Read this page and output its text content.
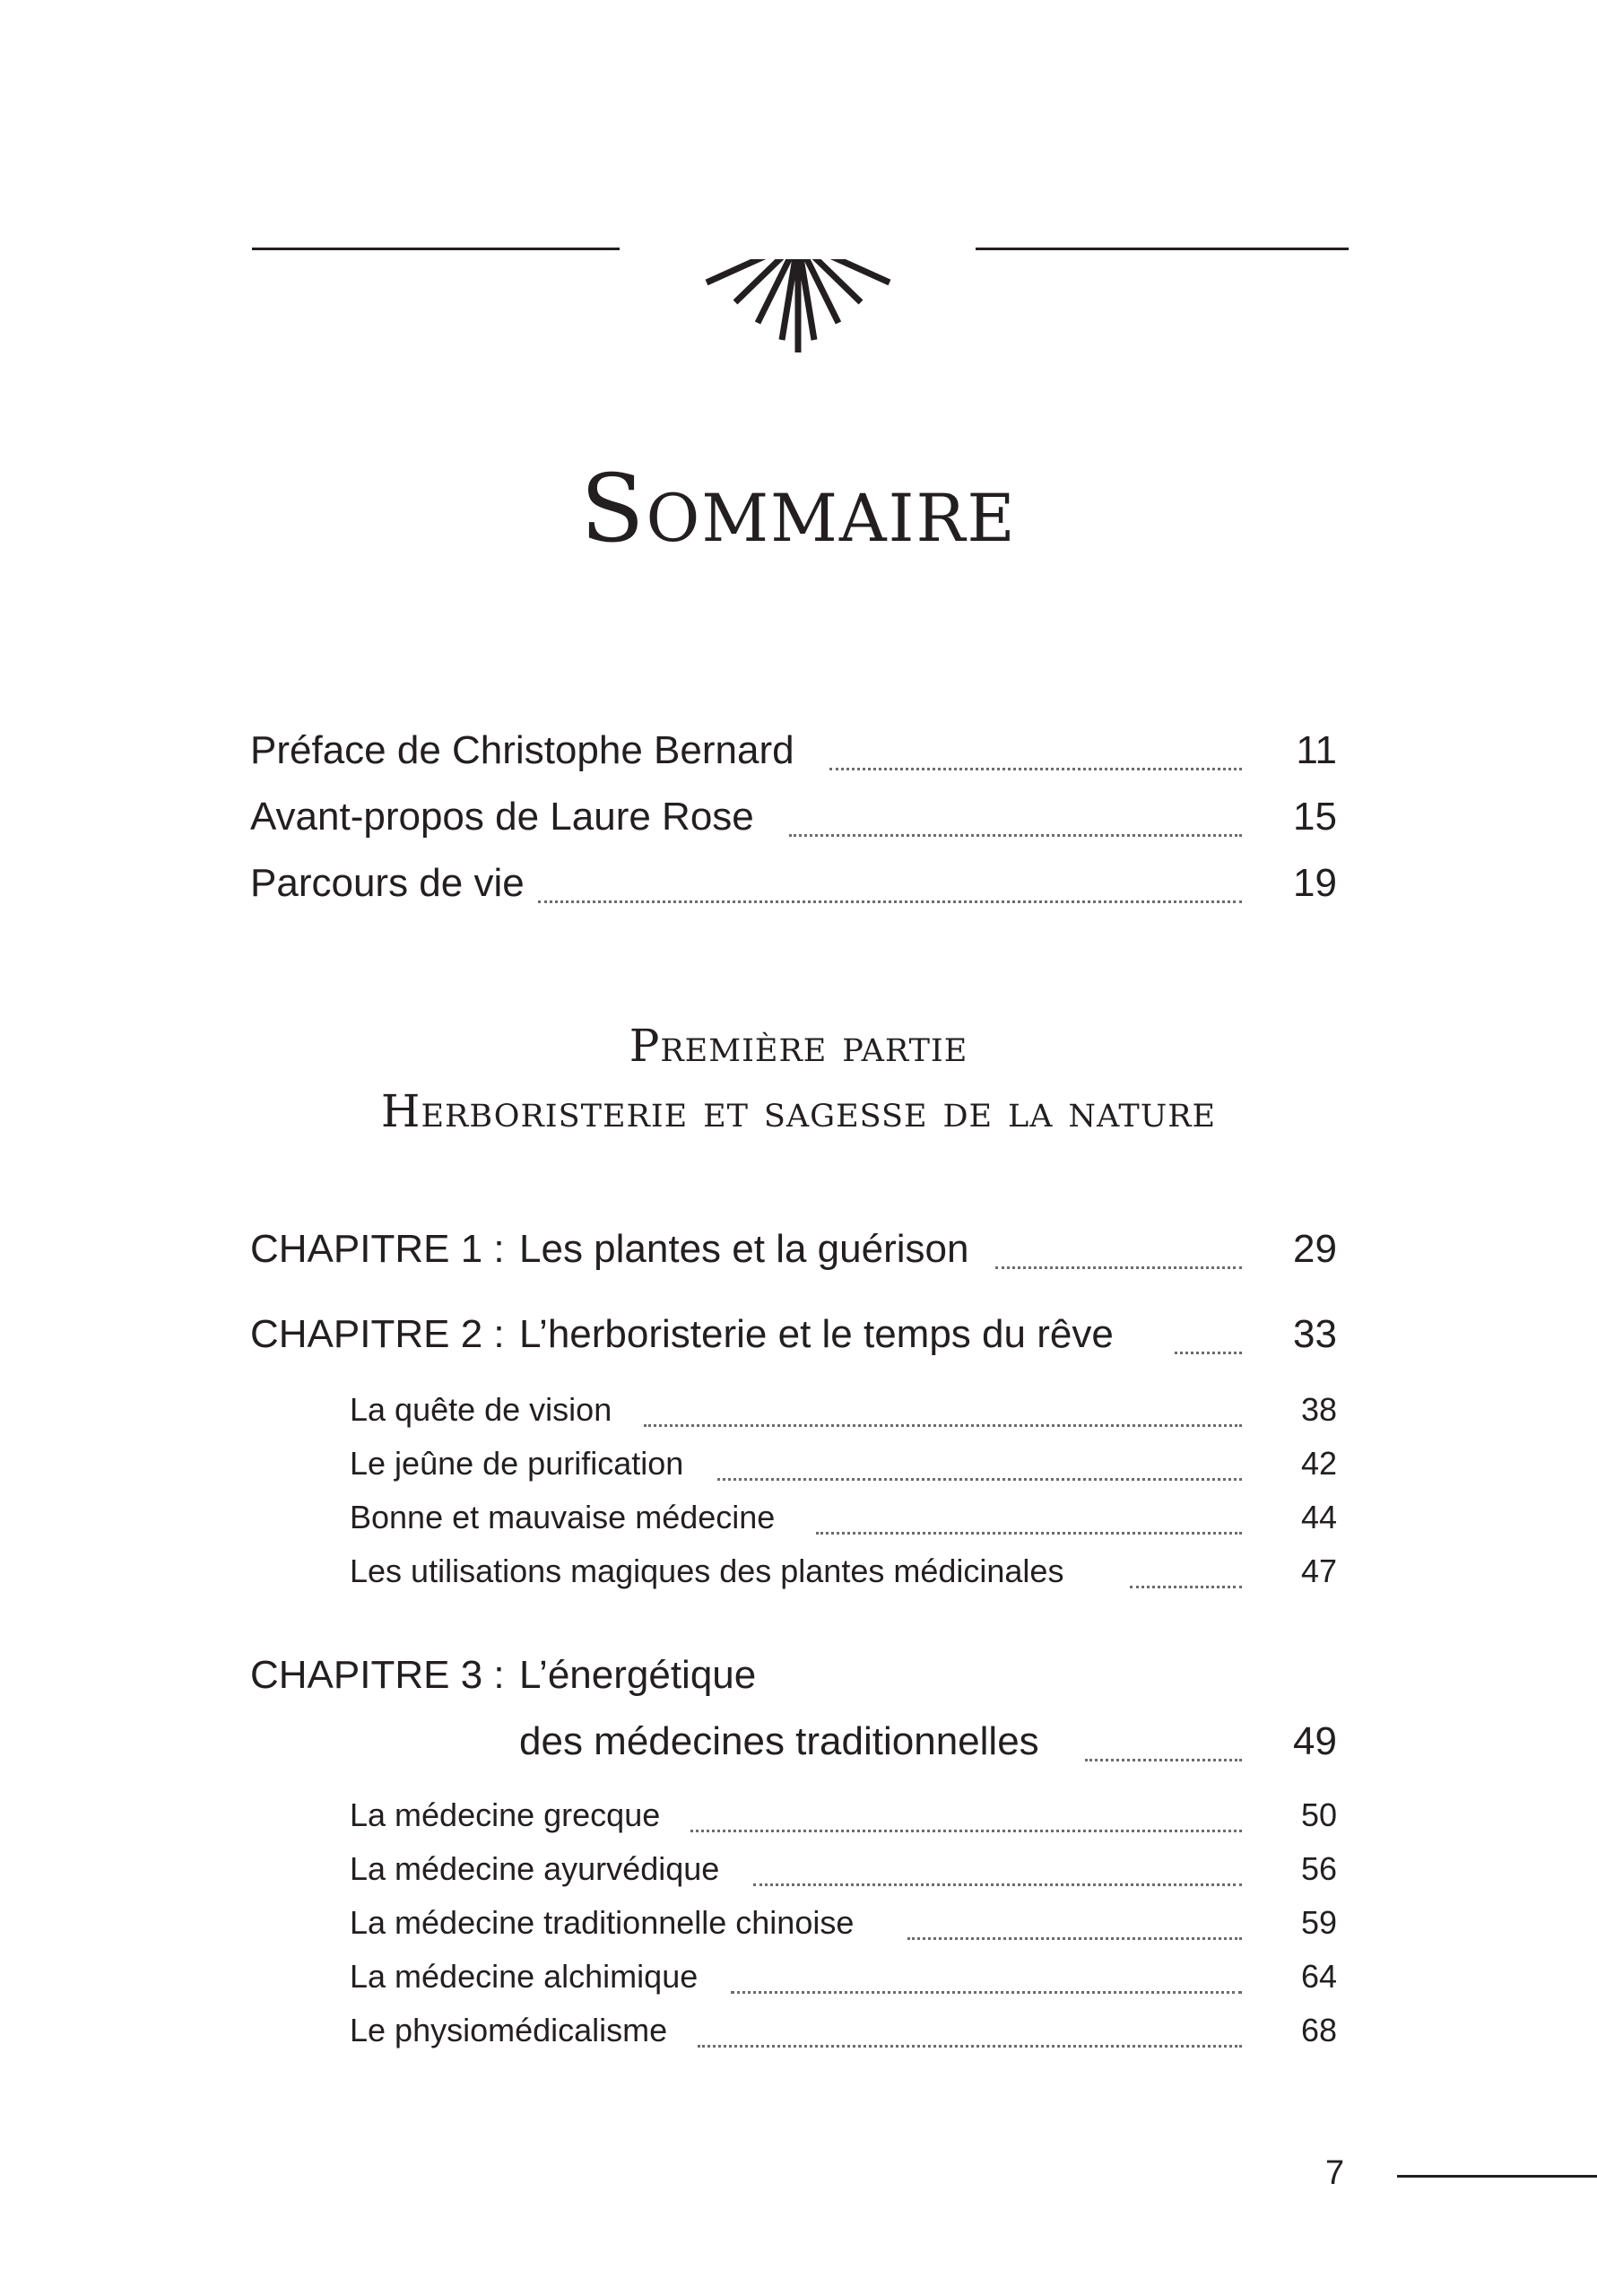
Sommaire
Préface de Christophe Bernard	11
Avant-propos de Laure Rose	15
Parcours de vie	19
Première partie
Herboristerie et sagesse de la nature
CHAPITRE 1 : Les plantes et la guérison	29
CHAPITRE 2 : L’herboristerie et le temps du rêve	33
La quête de vision	38
Le jeûne de purification	42
Bonne et mauvaise médecine	44
Les utilisations magiques des plantes médicinales	47
CHAPITRE 3 : L’énergétique
des médecines traditionnelles	49
La médecine grecque	50
La médecine ayurvédique	56
La médecine traditionnelle chinoise	59
La médecine alchimique	64
Le physiomédicalisme	68
7
